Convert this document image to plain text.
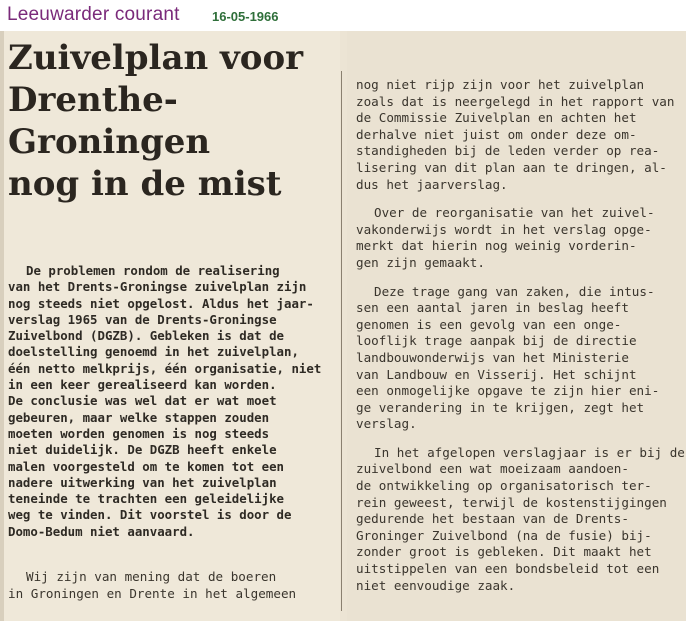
Leeuwarder courant 16-05-1966
Zuivelplan voor
Drenthe-
Groningen
nog in de mist
De problemen rondom de realisering
van het Drents-Groningse zuivelplan zijn
nog steeds niet opgelost. Aldus het jaar-
verslag 1965 van de Drents-Groningse
Zuivelbond (DGZB). Gebleken is dat de
doelstelling genoemd in het zuivelplan,
één netto melkprijs, één organisatie, niet
in een keer gerealiseerd kan worden.
De conclusie was wel dat er wat moet
gebeuren, maar welke stappen zouden
moeten worden genomen is nog steeds
niet duidelijk. De DGZB heeft enkele
malen voorgesteld om te komen tot een
nadere uitwerking van het zuivelplan
teneinde te trachten een geleidelijke
weg te vinden. Dit voorstel is door de
Domo-Bedum niet aanvaard.
Wij zijn van mening dat de boeren
in Groningen en Drente in het algemeen
nog niet rijp zijn voor het zuivelplan
zoals dat is neergelegd in het rapport van
de Commissie Zuivelplan en achten het
derhalve niet juist om onder deze om-
standigheden bij de leden verder op rea-
lisering van dit plan aan te dringen, al-
dus het jaarverslag.
Over de reorganisatie van het zuivel-
vakonderwijs wordt in het verslag opge-
merkt dat hierin nog weinig vorderin-
gen zijn gemaakt.
Deze trage gang van zaken, die intus-
sen een aantal jaren in beslag heeft
genomen is een gevolg van een onge-
looflijk trage aanpak bij de directie
landbouwonderwijs van het Ministerie
van Landbouw en Visserij. Het schijnt
een onmogelijke opgave te zijn hier eni-
ge verandering in te krijgen, zegt het
verslag.
In het afgelopen verslagjaar is er bij de
zuivelbond een wat moeizaam aandoen-
de ontwikkeling op organisatorisch ter-
rein geweest, terwijl de kostenstijgingen
gedurende het bestaan van de Drents-
Groninger Zuivelbond (na de fusie) bij-
zonder groot is gebleken. Dit maakt het
uitstippelen van een bondsbeleid tot een
niet eenvoudige zaak.
